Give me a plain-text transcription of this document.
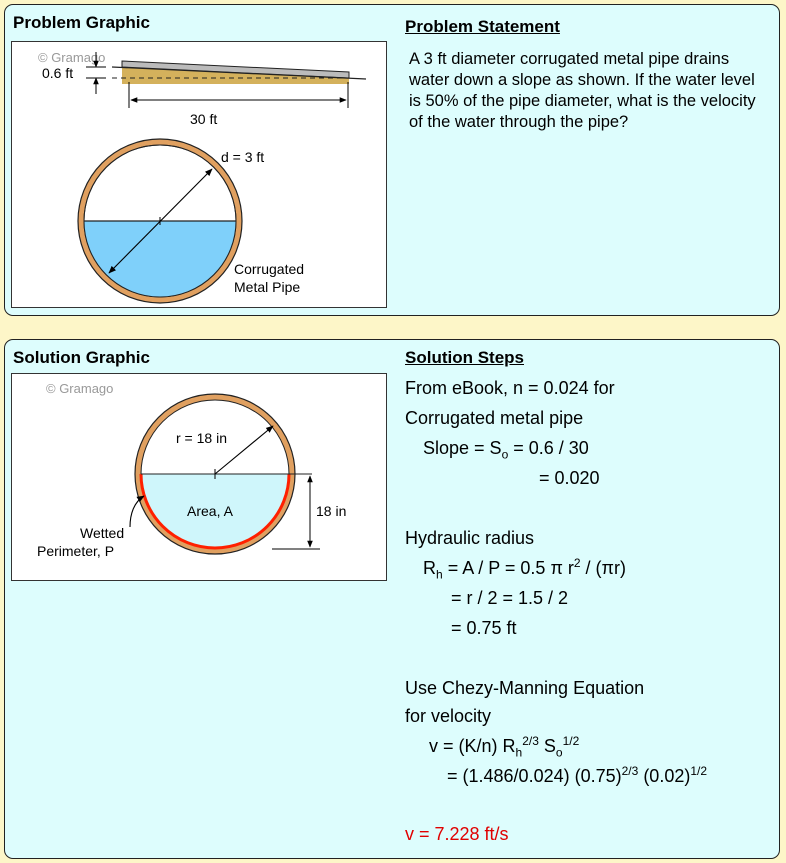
Problem Graphic	Problem Statement
© Gramago
0.6 ft
30 ft
d = 3 ft
Corrugated
Metal Pipe
A 3 ft diameter corrugated metal pipe drains water down a slope as shown. If the water level is 50% of the pipe diameter, what is the velocity of the water through the pipe?
Solution Graphic	Solution Steps
© Gramago
r = 18 in
Area, A	18 in
Wetted
Perimeter, P
From eBook, n = 0.024 for
Corrugated metal pipe
Slope = $S_o = 0.6 / 30$
= 0.020
Hydraulic radius
$R_h = A / P = 0.5$ π $r^2 / (\pi r)$
= r / 2 = 1.5 / 2
= 0.75 ft
Use Chezy-Manning Equation
for velocity
v = (K/n) $R_h^{2/3}$ $S_o^{1/2}$
= (1.486/0.024) $(0.75)^{2/3}$ $(0.02)^{1/2}$
v = 7.228 ft/s
